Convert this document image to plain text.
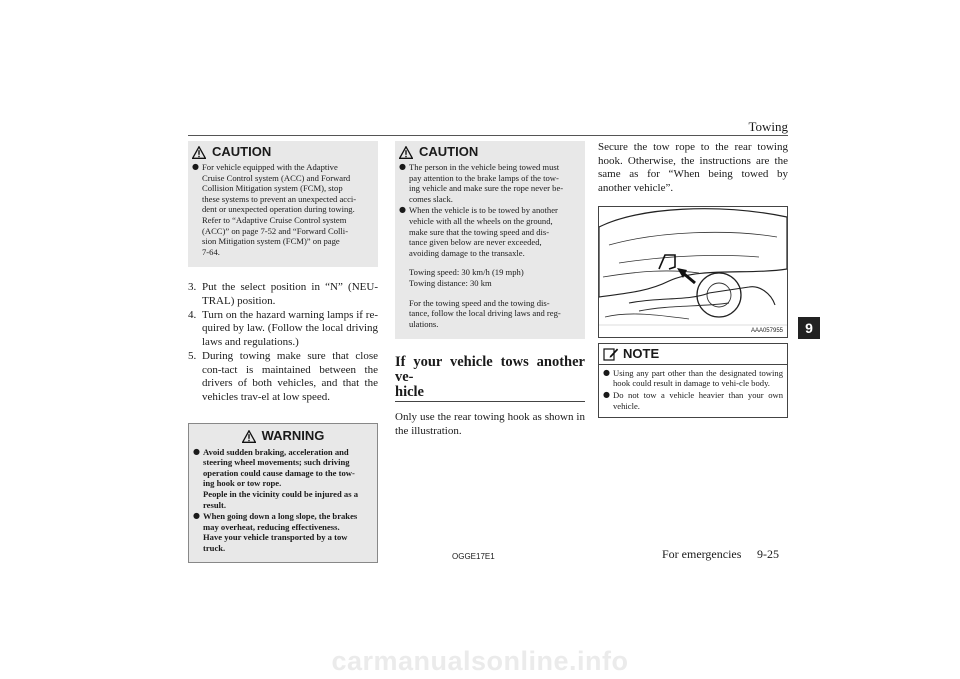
Towing
9
CAUTION
● For vehicle equipped with the Adaptive
Cruise Control system (ACC) and Forward
Collision Mitigation system (FCM), stop
these systems to prevent an unexpected acci-
dent or unexpected operation during towing.
Refer to “Adaptive Cruise Control system
(ACC)” on page 7-52 and “Forward Colli-
sion Mitigation system (FCM)” on page
7-64.
3. Put the select position in “N” (NEU-TRAL) position.
4. Turn on the hazard warning lamps if re-quired by law. (Follow the local driving laws and regulations.)
5. During towing make sure that close con-tact is maintained between the drivers of both vehicles, and that the vehicles trav-el at low speed.
WARNING
● Avoid sudden braking, acceleration and
steering wheel movements; such driving
operation could cause damage to the tow-
ing hook or tow rope.
People in the vicinity could be injured as a
result.
● When going down a long slope, the brakes
may overheat, reducing effectiveness.
Have your vehicle transported by a tow
truck.
CAUTION
● The person in the vehicle being towed must
pay attention to the brake lamps of the tow-
ing vehicle and make sure the rope never be-
comes slack.
● When the vehicle is to be towed by another
vehicle with all the wheels on the ground,
make sure that the towing speed and dis-
tance given below are never exceeded,
avoiding damage to the transaxle.
Towing speed: 30 km/h (19 mph)
Towing distance: 30 km
For the towing speed and the towing dis-
tance, follow the local driving laws and reg-
ulations.
If your vehicle tows another ve-
hicle
Only use the rear towing hook as shown in the illustration.
Secure the tow rope to the rear towing hook. Otherwise, the instructions are the same as for “When being towed by another vehicle”.
AAA057955
NOTE
● Using any part other than the designated towing hook could result in damage to vehi-cle body.
● Do not tow a vehicle heavier than your own vehicle.
OGGE17E1	For emergencies 9-25
carmanualsonline.info
